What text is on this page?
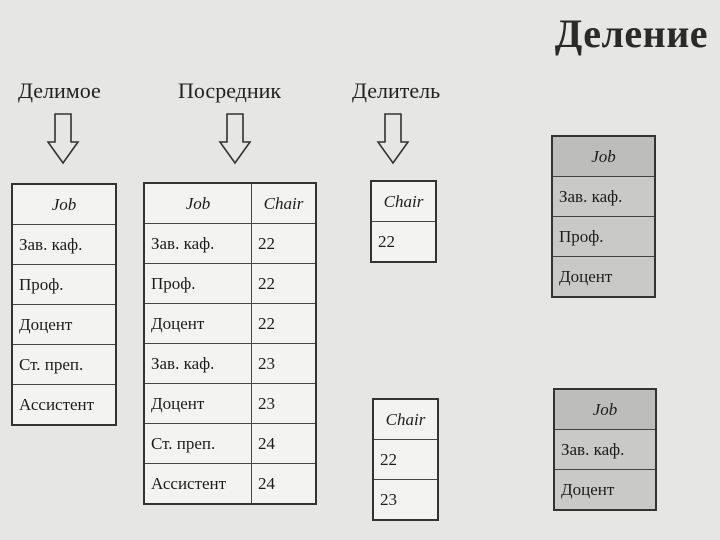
Деление
Делимое	Посредник	Делитель
Job
Зав. каф.
Проф.
Доцент
Ст. преп.
Ассистент
Job	Chair
Зав. каф.	22
Проф.	22
Доцент	22
Зав. каф.	23
Доцент	23
Ст. преп.	24
Ассистент	24
Chair
22
Chair
22
23
Job
Зав. каф.
Проф.
Доцент
Job
Зав. каф.
Доцент
